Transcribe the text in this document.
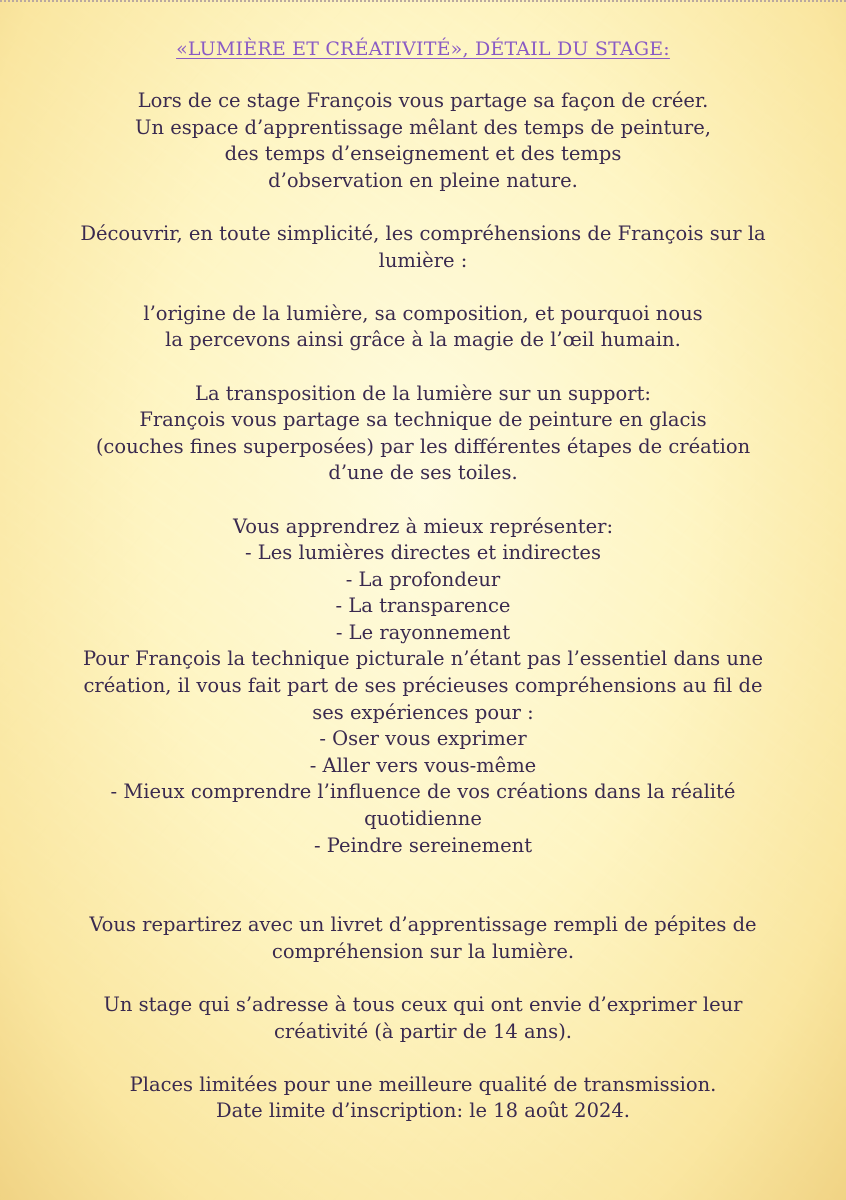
«LUMIÈRE ET CRÉATIVITÉ», DÉTAIL DU STAGE:
Lors de ce stage François vous partage sa façon de créer.
Un espace d’apprentissage mêlant des temps de peinture,
des temps d’enseignement et des temps
d’observation en pleine nature.
Découvrir, en toute simplicité, les compréhensions de François sur la
lumière :
l’origine de la lumière, sa composition, et pourquoi nous
la percevons ainsi grâce à la magie de l’œil humain.
La transposition de la lumière sur un support:
François vous partage sa technique de peinture en glacis
(couches fines superposées) par les différentes étapes de création
d’une de ses toiles.
Vous apprendrez à mieux représenter:
- Les lumières directes et indirectes
- La profondeur
- La transparence
- Le rayonnement
Pour François la technique picturale n’étant pas l’essentiel dans une
création, il vous fait part de ses précieuses compréhensions au fil de
ses expériences pour :
- Oser vous exprimer
- Aller vers vous-même
- Mieux comprendre l’influence de vos créations dans la réalité
quotidienne
- Peindre sereinement
Vous repartirez avec un livret d’apprentissage rempli de pépites de
compréhension sur la lumière.
Un stage qui s’adresse à tous ceux qui ont envie d’exprimer leur
créativité (à partir de 14 ans).
Places limitées pour une meilleure qualité de transmission.
Date limite d’inscription: le 18 août 2024.
